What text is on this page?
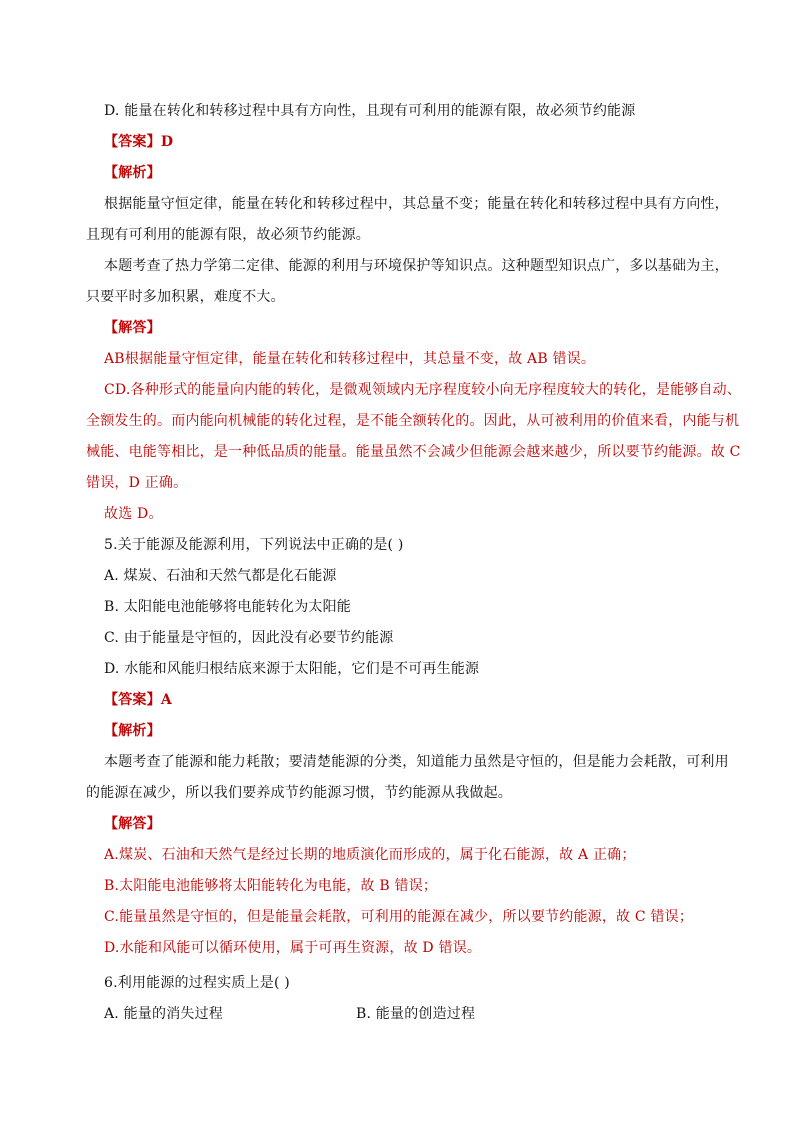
D. 能量在转化和转移过程中具有方向性，且现有可利用的能源有限，故必须节约能源
【答案】D
【解析】
根据能量守恒定律，能量在转化和转移过程中，其总量不变；能量在转化和转移过程中具有方向性，
且现有可利用的能源有限，故必须节约能源。
本题考查了热力学第二定律、能源的利用与环境保护等知识点。这种题型知识点广，多以基础为主，
只要平时多加积累，难度不大。
【解答】
AB根据能量守恒定律，能量在转化和转移过程中，其总量不变，故 AB 错误。
CD.各种形式的能量向内能的转化，是微观领域内无序程度较小向无序程度较大的转化，是能够自动、
全额发生的。而内能向机械能的转化过程，是不能全额转化的。因此，从可被利用的价值来看，内能与机
械能、电能等相比，是一种低品质的能量。能量虽然不会减少但能源会越来越少，所以要节约能源。故 C
错误，D 正确。
故选 D。
5.关于能源及能源利用，下列说法中正确的是( )
A. 煤炭、石油和天然气都是化石能源
B. 太阳能电池能够将电能转化为太阳能
C. 由于能量是守恒的，因此没有必要节约能源
D. 水能和风能归根结底来源于太阳能，它们是不可再生能源
【答案】A
【解析】
本题考查了能源和能力耗散；要清楚能源的分类，知道能力虽然是守恒的，但是能力会耗散，可利用
的能源在减少，所以我们要养成节约能源习惯，节约能源从我做起。
【解答】
A.煤炭、石油和天然气是经过长期的地质演化而形成的，属于化石能源，故 A 正确；
B.太阳能电池能够将太阳能转化为电能，故 B 错误；
C.能量虽然是守恒的，但是能量会耗散，可利用的能源在减少，所以要节约能源，故 C 错误；
D.水能和风能可以循环使用，属于可再生资源，故 D 错误。
6.利用能源的过程实质上是( )
A. 能量的消失过程	B. 能量的创造过程
